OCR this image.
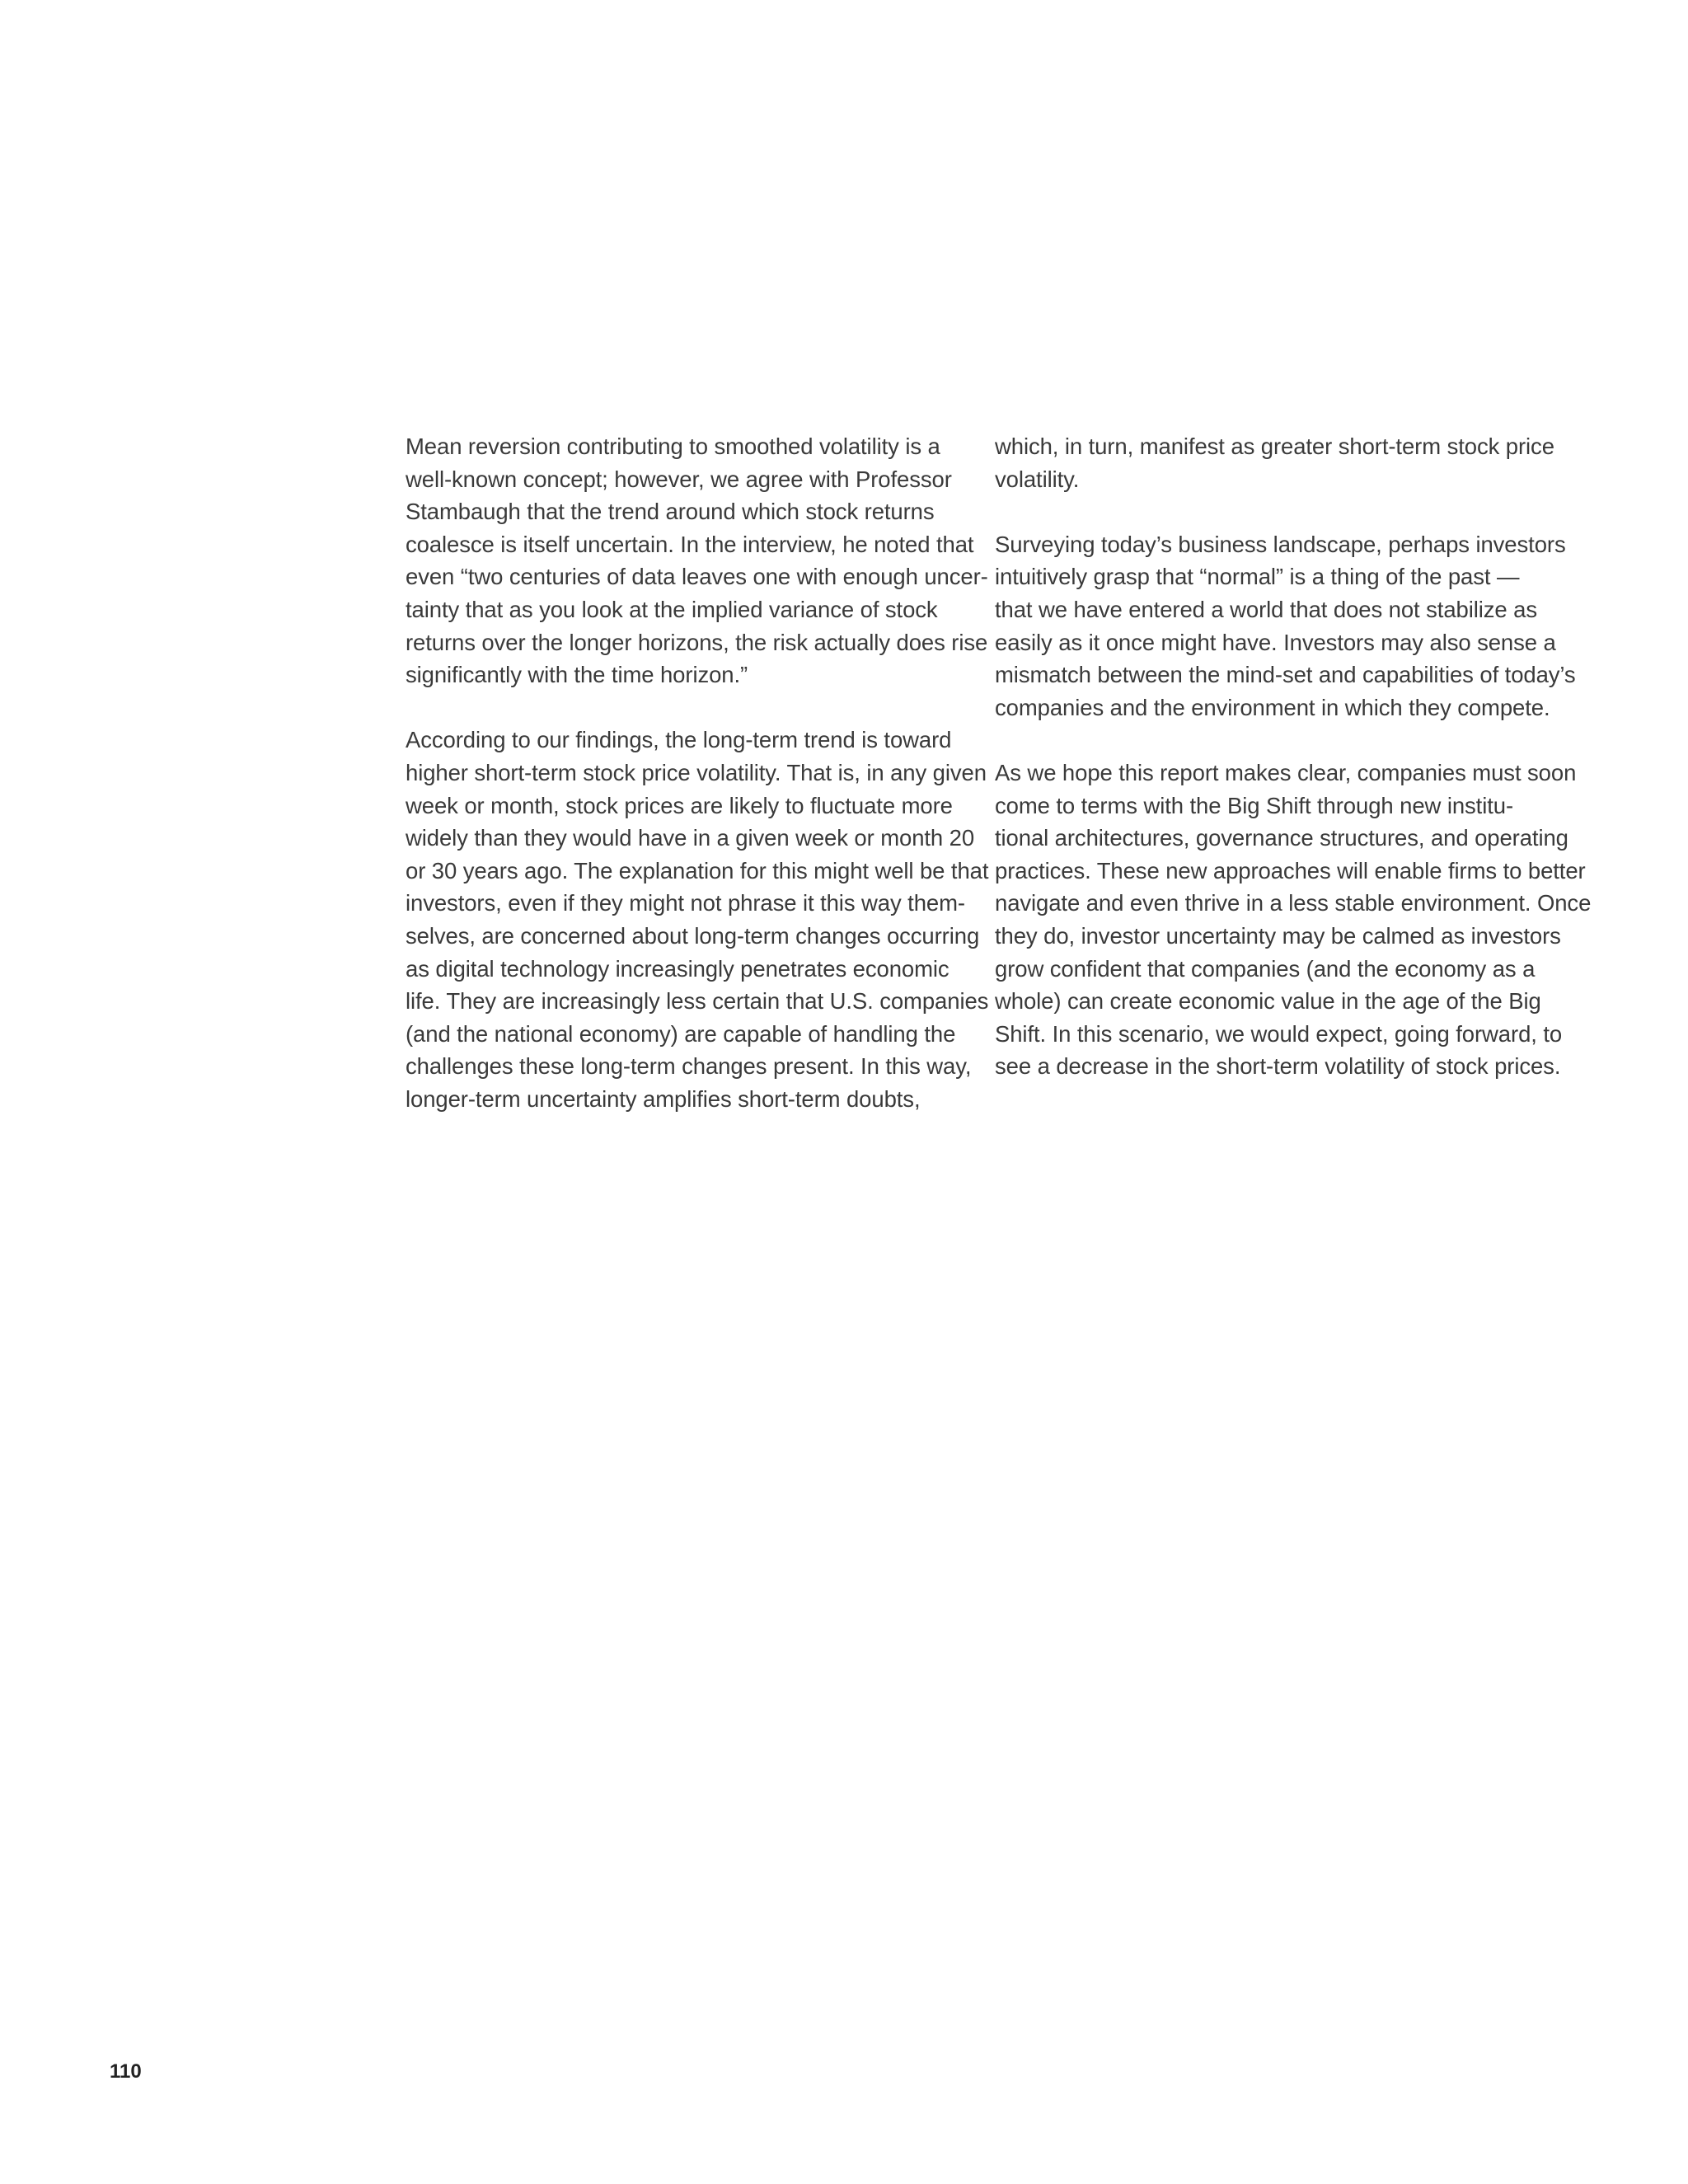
Mean reversion contributing to smoothed volatility is a
well-known concept; however, we agree with Professor
Stambaugh that the trend around which stock returns
coalesce is itself uncertain. In the interview, he noted that
even “two centuries of data leaves one with enough uncer-
tainty that as you look at the implied variance of stock
returns over the longer horizons, the risk actually does rise
significantly with the time horizon.”
According to our findings, the long-term trend is toward
higher short-term stock price volatility. That is, in any given
week or month, stock prices are likely to fluctuate more
widely than they would have in a given week or month 20
or 30 years ago. The explanation for this might well be that
investors, even if they might not phrase it this way them-
selves, are concerned about long-term changes occurring
as digital technology increasingly penetrates economic
life. They are increasingly less certain that U.S. companies
(and the national economy) are capable of handling the
challenges these long-term changes present. In this way,
longer-term uncertainty amplifies short-term doubts,
which, in turn, manifest as greater short-term stock price
volatility.
Surveying today’s business landscape, perhaps investors
intuitively grasp that “normal” is a thing of the past —
that we have entered a world that does not stabilize as
easily as it once might have. Investors may also sense a
mismatch between the mind-set and capabilities of today’s
companies and the environment in which they compete.
As we hope this report makes clear, companies must soon
come to terms with the Big Shift through new institu-
tional architectures, governance structures, and operating
practices. These new approaches will enable firms to better
navigate and even thrive in a less stable environment. Once
they do, investor uncertainty may be calmed as investors
grow confident that companies (and the economy as a
whole) can create economic value in the age of the Big
Shift. In this scenario, we would expect, going forward, to
see a decrease in the short-term volatility of stock prices.
110
